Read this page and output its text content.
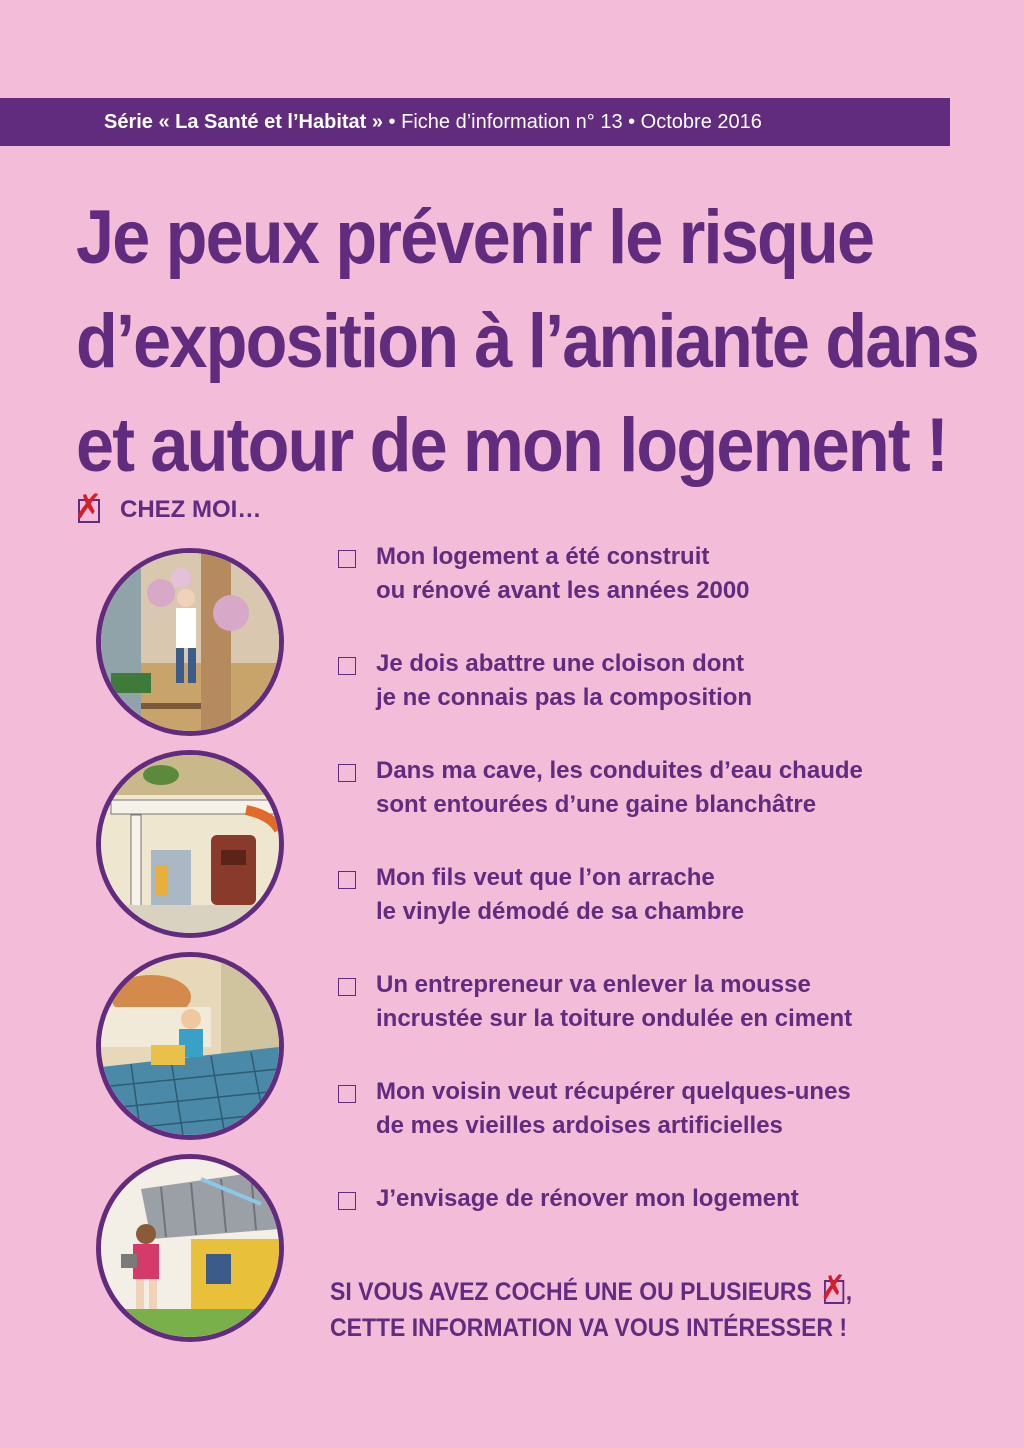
Série « La Santé et l’Habitat » • Fiche d’information n° 13 • Octobre 2016
Je peux prévenir le risque
d’exposition à l’amiante dans
et autour de mon logement !
✗ CHEZ MOI…
Mon logement a été construit
ou rénové avant les années 2000
Je dois abattre une cloison dont
je ne connais pas la composition
Dans ma cave, les conduites d’eau chaude
sont entourées d’une gaine blanchâtre
Mon fils veut que l’on arrache
le vinyle démodé de sa chambre
Un entrepreneur va enlever la mousse
incrustée sur la toiture ondulée en ciment
Mon voisin veut récupérer quelques-unes
de mes vieilles ardoises artificielles
J’envisage de rénover mon logement
SI VOUS AVEZ COCHÉ UNE OU PLUSIEURS ✗ ,
CETTE INFORMATION VA VOUS INTÉRESSER !
